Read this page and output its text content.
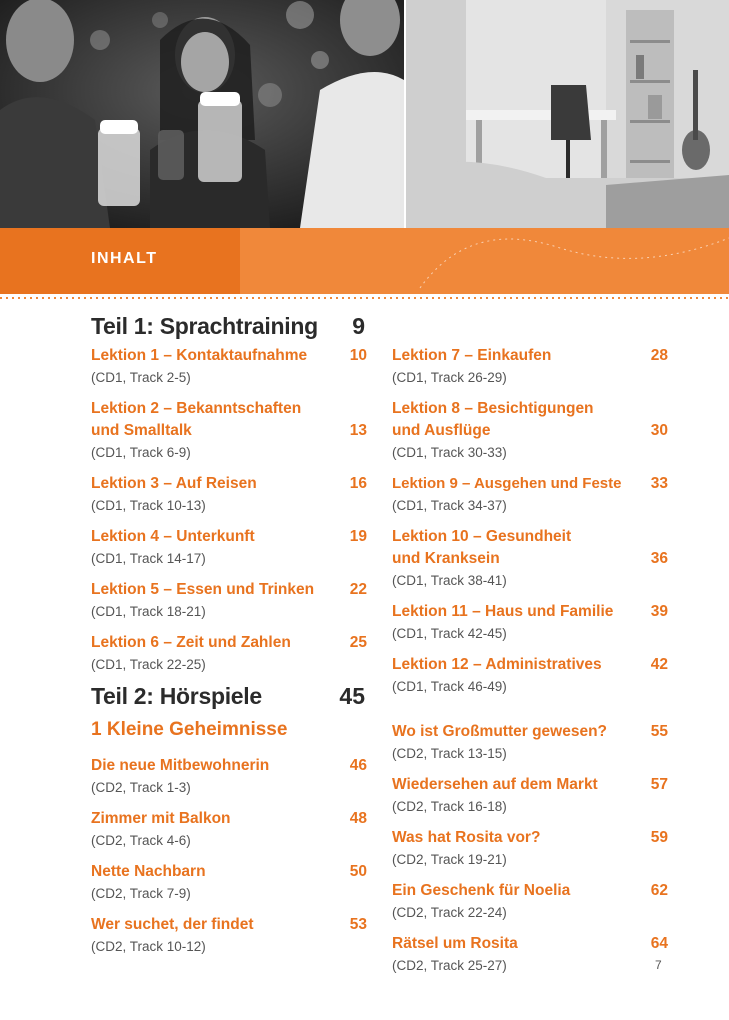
INHALT
Teil 1: Sprachtraining	9
Lektion 1 – Kontaktaufnahme	10
(CD1, Track 2-5)
Lektion 2 – Bekanntschaften und Smalltalk	13
(CD1, Track 6-9)
Lektion 3 – Auf Reisen	16
(CD1, Track 10-13)
Lektion 4 – Unterkunft	19
(CD1, Track 14-17)
Lektion 5 – Essen und Trinken	22
(CD1, Track 18-21)
Lektion 6 – Zeit und Zahlen	25
(CD1, Track 22-25)
Lektion 7 – Einkaufen	28
(CD1, Track 26-29)
Lektion 8 – Besichtigungen und Ausflüge	30
(CD1, Track 30-33)
Lektion 9 – Ausgehen und Feste	33
(CD1, Track 34-37)
Lektion 10 – Gesundheit und Kranksein	36
(CD1, Track 38-41)
Lektion 11 – Haus und Familie	39
(CD1, Track 42-45)
Lektion 12 – Administratives	42
(CD1, Track 46-49)
Teil 2: Hörspiele	45
1 Kleine Geheimnisse
Die neue Mitbewohnerin	46
(CD2, Track 1-3)
Zimmer mit Balkon	48
(CD2, Track 4-6)
Nette Nachbarn	50
(CD2, Track 7-9)
Wer suchet, der findet	53
(CD2, Track 10-12)
Wo ist Großmutter gewesen?	55
(CD2, Track 13-15)
Wiedersehen auf dem Markt	57
(CD2, Track 16-18)
Was hat Rosita vor?	59
(CD2, Track 19-21)
Ein Geschenk für Noelia	62
(CD2, Track 22-24)
Rätsel um Rosita	64
(CD2, Track 25-27)	7
